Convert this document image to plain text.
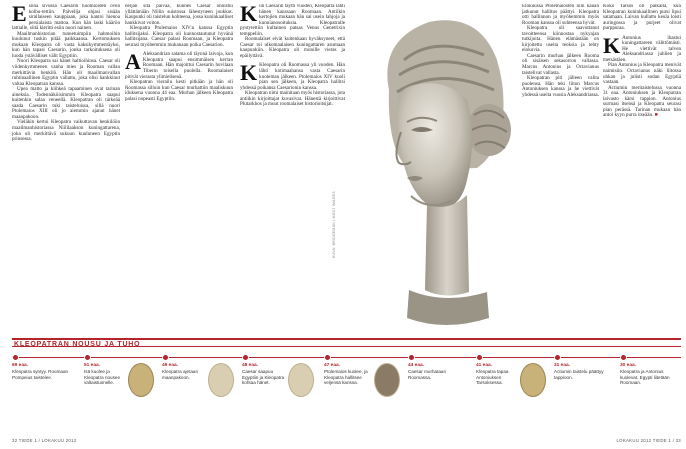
E siinä sivussa Caesarin huomioiden oven kolhu-tettiin. Palvelija ohjasi sisään sirallaiseen kauppiaan, joka kantoi hienoa persialaista mattoa. Kun hän laski käärön lattialle, siitä kieritti esiin nuori nainen.

Maailmanhistorian tunnetuimpiin hahmoihin kuulunut tuskin pitää paikkaansa. Kertomuksen mukaan Kleopatra oli vasta kaksikymmentäyksi, kun hän tapasi Caesarin, jonka tarkoituksena oli luoda ystävälliset välit Egyptiin.

Nuori Kleopatra sai hänet haltioihinsa. Caesar oli viidenkymmenen vanha mies ja Rooman vallan merkittävin henkilö. Hän oli maailmanvallan ruhtinaallinen Egyptin vallattu, joka olisi hankkinut valtaa Kleopatran kanssa.

Upea matto ja kiihkeä tapaaminen ovat tarinan aineksia. Todennäköisimmin Kleopatra saapui kuitenkin salaa veneellä. Kleopatran oli tärkeää saada Caesarin tuki taisteluissa, sillä nuori Ptolemaios XIII oli jo aiemmin ajanut hänet maanpakoon.

Vieläkin kertoi Kleopatra vaikuttavan henkilöön maailmanhistoriassa Niililaakson kuningattarena, joka oli merkittävä sukuun kuuluneen Egyptin prinsessa.

neljän sitä päivää, kunnes Caesar onnistui yllättämään Niilin suistossa lähestyneen joukkot. Kaupunki oli taistelun kohteena, jossa kuninkaalliset hankkivat voiton.

Kleopatra Ptolemaios XIV:n kanssa Egyptin hallitsijaksi. Kleopatra oli kunnostautunut hyvänä hallitsijana. Caesar palasi Roomaan, ja Kleopatra seurasi myöhemmin mukanaan poika Caesarion.

A Aleksandrian satama oli täynnä laivoja, kun Kleopatra saapui ensimmäisen kerran Roomaan. Hän majoittui Caesarin huvilaan Tiberin toisella puolella. Roomalaiset pitivät vierasta ylimielisenä.

Kleopatran vierailu kesti pitkään ja hän oli Roomassa silloin kun Caesar murhattiin maaliskuun iduksena vuonna 44 eaa. Murhan jälkeen Kleopatra palasi nopeasti Egyptiin.

K un Caesarin täytti vuoden, Kleopatra lähti hänen kanssaan Roomaan. Antiikin kertojien mukaan hän sai usein lahjoja ja kunnianosoituksia. Kleopatralle pystytettiin kultainen patsas Venus Genetrixin temppeliin.

Roomalaiset eivät kuitenkaan hyväksyneet, että Caesar toi ulkomaalaisen kuningattaren asumaan kaupunkiin. Kleopatra oli monille vieras ja epäilyttävä.

K Kleopatra oli Roomassa yli vuoden. Hän lähti kotimaahansa vasta Caesarin kuoleman jälkeen. Ptolemaios XIV kuoli pian sen jälkeen, ja Kleopatra hallitsi yhdessä poikansa Caesarionin kanssa.

Kleopatran nimi mainitaan myös historiassa, jota antiikin kirjoittajat kuvasivat. Hänestä kirjoittivat Plutarkhos ja muut roomalaiset historioitsijat.

KUVA: BRIDGEMAN / MOST IMAGES

Elokuussa Ptolemaiosten niin kauan jatkunut hallitus päättyi. Kleopatra otti hallinnon ja myöhemmin myös Rooman kanssa oli suhteensa hyvät.

Kleopatra oli saavuttanut tavoitteensa kiinnostaa nykyajan tutkijoita. Hänen elämästään on kirjoitettu useita teoksia ja tehty elokuvia.

Caesarin murhan jälkeen Rooma oli sisäisen sekasorron vallassa. Marcus Antonius ja Octavianus taistelivat vallasta.

Kleopatran piti jälleen valita puolensa. Hän teki liiton Marcus Antoniuksen kanssa ja he viettivät yhdessä useita vuosia Aleksandriassa.

Koko Tarsos oli paikalla, kun Kleopatran kuninkaallinen pursi lipui satamaan. Laivan kullattu keula loisti auringossa ja purjeet olivat purppuraa.

K Antonius ihastui kuningattareen välittömästi. He viettivät talven Aleksandriassa juhlien ja metsästäen.

Pian Antonius ja Kleopatra menivät naimisiin. Octavianus näki liitossa uhkan ja julisti sodan Egyptiä vastaan.

Actiumin meritaistelussa vuonna 31 eaa. Antoniuksen ja Kleopatran laivasto kärsi tappion. Antonius surmasi itsensä ja Kleopatra seurasi pian perässä. Tarinan mukaan hän antoi kyyn purra itseään. ■

KLEOPATRAN NOUSU JA TUHO
69 eaa.
Kleopatra syntyy. Roomaan Pompeius taistelee.
51 eaa.
Isä kuolee ja Kleopatra nousee valtaistuimelle.
49 eaa.
Kleopatra ajetaan maanpakoon.
48 eaa.
Caesar saapuu Egyptiin ja Kleopatra kohtaa hänet.
47 eaa.
Ptolemaios kuolee, ja Kleopatra hallitsee veljensä kanssa.
44 eaa.
Caesar murhataan Roomassa.
41 eaa.
Kleopatra tapaa Antoniuksen Tarsoksessa.
31 eaa.
Actiumin taistelu päättyy tappioon.
30 eaa.
Kleopatra ja Antonius kuolevat. Egypti liitetään Roomaan.
32 TIEDE 1 / LOKAKUU 2012	LOKAKUU 2012 TIEDE 1 / 33
